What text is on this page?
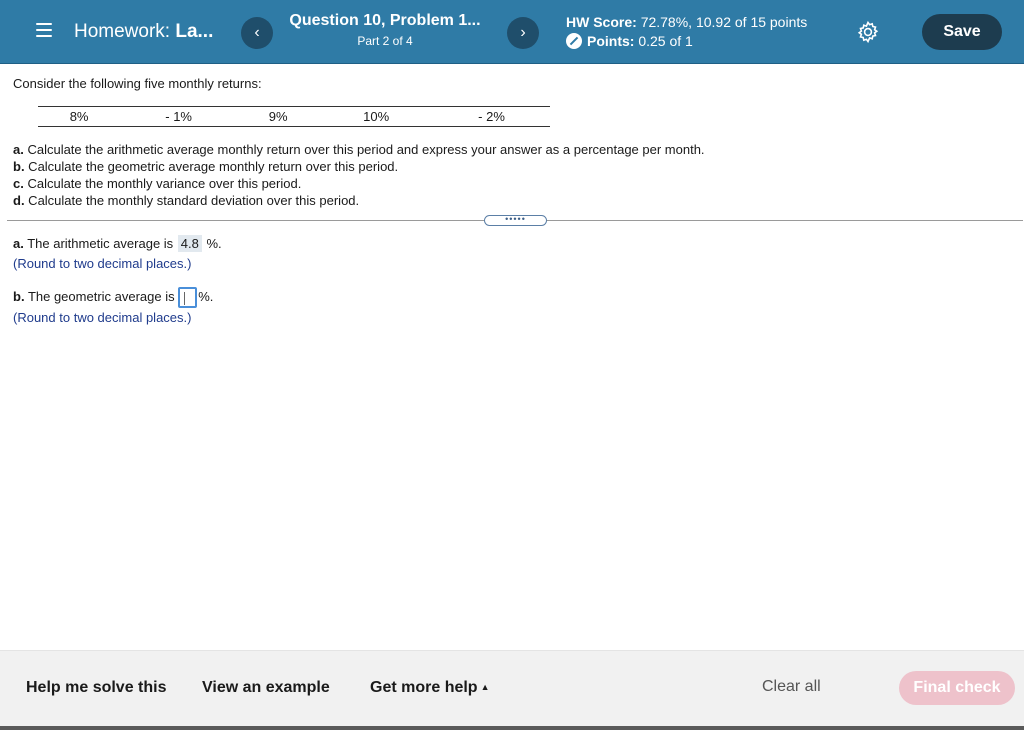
Homework: La...	‹
Question 10, Problem 1...
Part 2 of 4	›
HW Score: 72.78%, 10.92 of 15 points
Points: 0.25 of 1
Save
Consider the following five monthly returns:
8%	- 1%	9%	10%	- 2%
a. Calculate the arithmetic average monthly return over this period and express your answer as a percentage per month.
b. Calculate the geometric average monthly return over this period.
c. Calculate the monthly variance over this period.
d. Calculate the monthly standard deviation over this period.
•••••
a. The arithmetic average is 4.8 %.
(Round to two decimal places.)
b. The geometric average is %.
(Round to two decimal places.)
Help me solve this View an example	Get more help ▲	Clear all	Final check
